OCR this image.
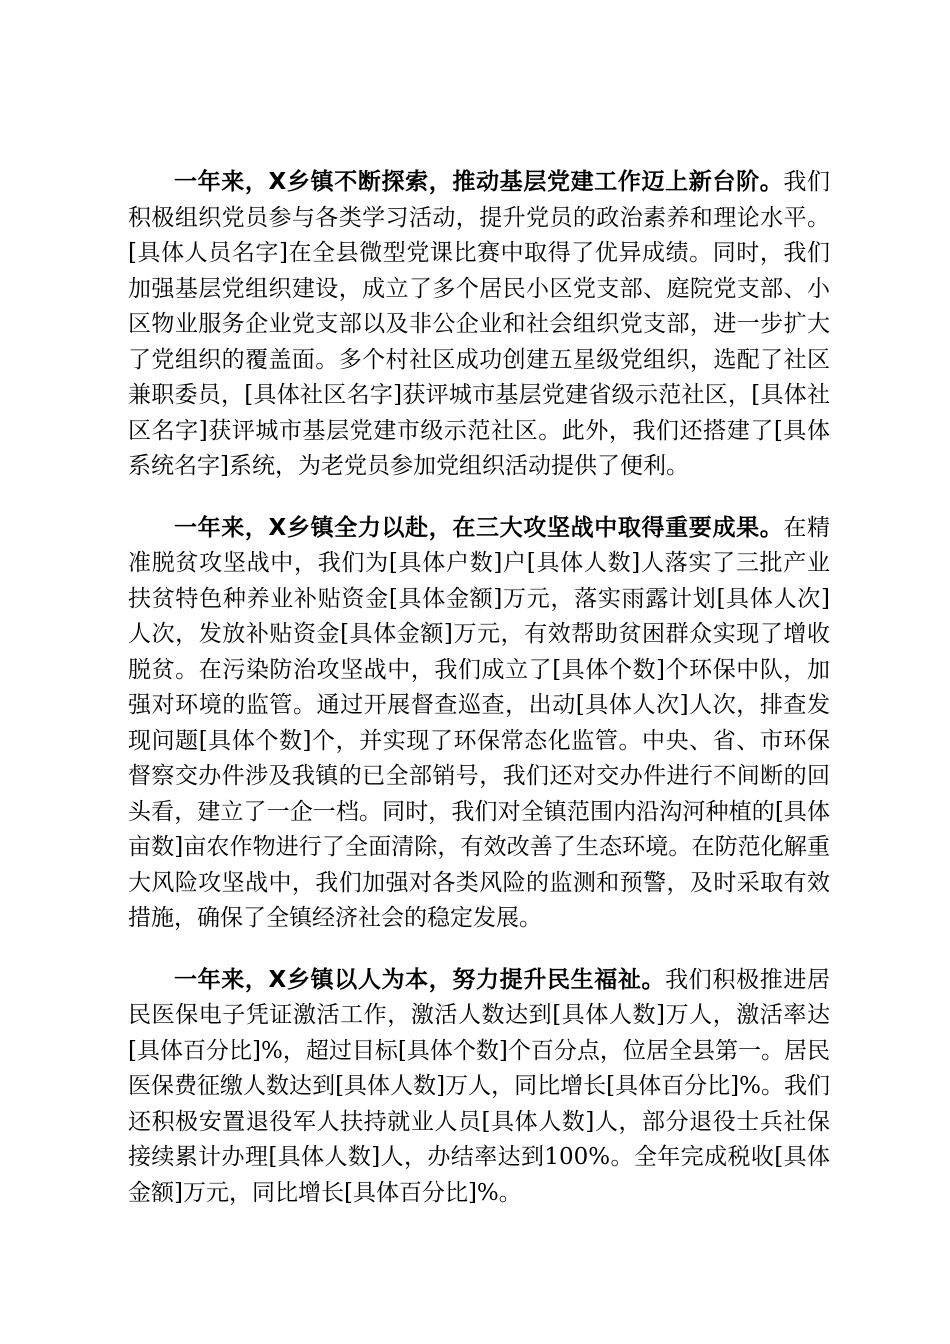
一年来，X乡镇不断探索，推动基层党建工作迈上新台阶。我们积极组织党员参与各类学习活动，提升党员的政治素养和理论水平。[具体人员名字]在全县微型党课比赛中取得了优异成绩。同时，我们加强基层党组织建设，成立了多个居民小区党支部、庭院党支部、小区物业服务企业党支部以及非公企业和社会组织党支部，进一步扩大了党组织的覆盖面。多个村社区成功创建五星级党组织，选配了社区兼职委员，[具体社区名字]获评城市基层党建省级示范社区，[具体社区名字]获评城市基层党建市级示范社区。此外，我们还搭建了[具体系统名字]系统，为老党员参加党组织活动提供了便利。

一年来，X乡镇全力以赴，在三大攻坚战中取得重要成果。在精准脱贫攻坚战中，我们为[具体户数]户[具体人数]人落实了三批产业扶贫特色种养业补贴资金[具体金额]万元，落实雨露计划[具体人次]人次，发放补贴资金[具体金额]万元，有效帮助贫困群众实现了增收脱贫。在污染防治攻坚战中，我们成立了[具体个数]个环保中队，加强对环境的监管。通过开展督查巡查，出动[具体人次]人次，排查发现问题[具体个数]个，并实现了环保常态化监管。中央、省、市环保督察交办件涉及我镇的已全部销号，我们还对交办件进行不间断的回头看，建立了一企一档。同时，我们对全镇范围内沿沟河种植的[具体亩数]亩农作物进行了全面清除，有效改善了生态环境。在防范化解重大风险攻坚战中，我们加强对各类风险的监测和预警，及时采取有效措施，确保了全镇经济社会的稳定发展。

一年来，X乡镇以人为本，努力提升民生福祉。我们积极推进居民医保电子凭证激活工作，激活人数达到[具体人数]万人，激活率达[具体百分比]%，超过目标[具体个数]个百分点，位居全县第一。居民医保费征缴人数达到[具体人数]万人，同比增长[具体百分比]%。我们还积极安置退役军人扶持就业人员[具体人数]人，部分退役士兵社保接续累计办理[具体人数]人，办结率达到100%。全年完成税收[具体金额]万元，同比增长[具体百分比]%。
